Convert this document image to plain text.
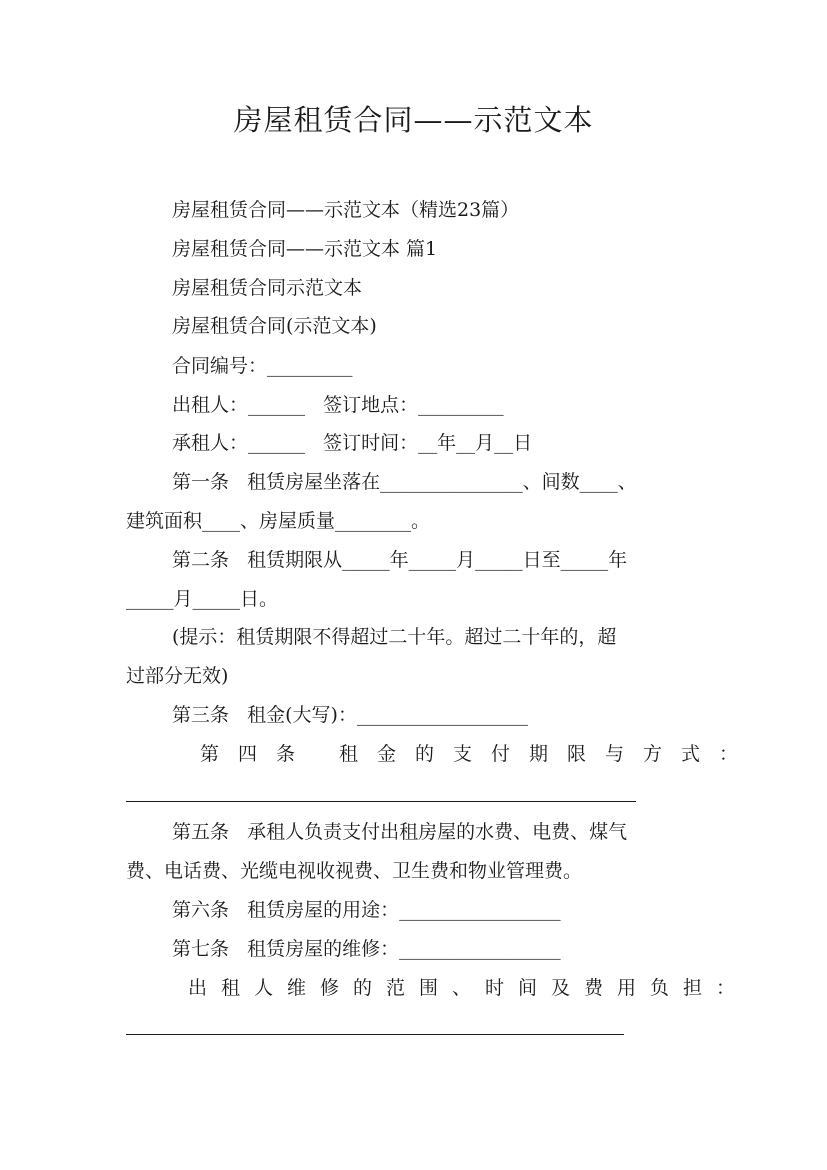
房屋租赁合同——示范文本

房屋租赁合同——示范文本（精选23篇）

房屋租赁合同——示范文本 篇1

房屋租赁合同示范文本

房屋租赁合同(示范文本)

合同编号：_________

出租人：______   签订地点：_________

承租人：______   签订时间：__年__月__日

第一条   租赁房屋坐落在_______________、间数____、

建筑面积____、房屋质量________。

第二条   租赁期限从_____年_____月_____日至_____年

_____月_____日。

(提示：租赁期限不得超过二十年。超过二十年的，超

过部分无效)

第三条   租金(大写)：__________________

第四条 租金的支付期限与方式：

第五条   承租人负责支付出租房屋的水费、电费、煤气

费、电话费、光缆电视收视费、卫生费和物业管理费。

第六条   租赁房屋的用途：_________________

第七条   租赁房屋的维修：_________________

出租人维修的范围、时间及费用负担：
